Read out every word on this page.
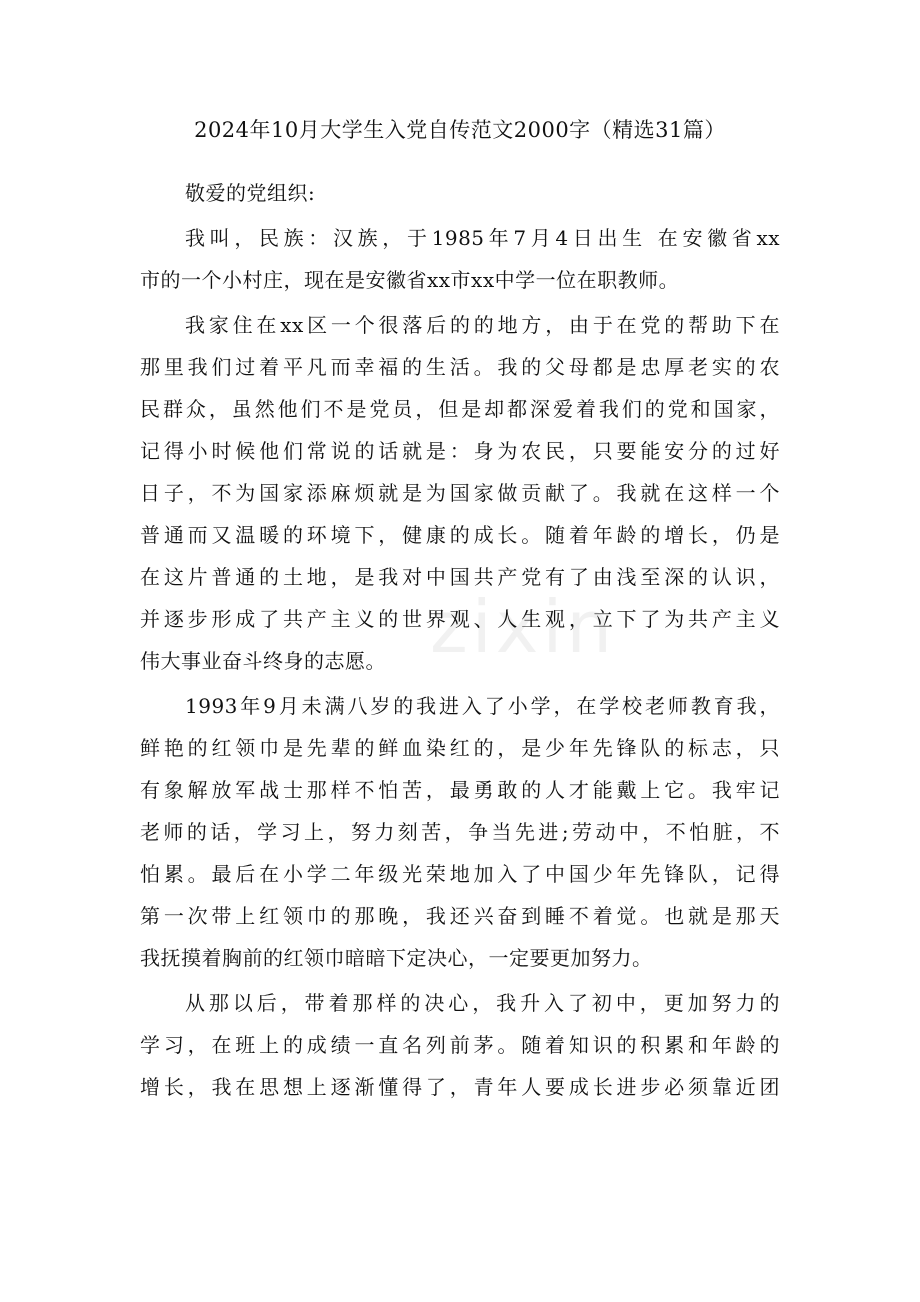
zixin
2024年10月大学生入党自传范文2000字（精选31篇）
敬爱的党组织:
我叫，民族：汉族，于1985年7月4日出生 在安徽省xx
市的一个小村庄，现在是安徽省xx市xx中学一位在职教师。
我家住在xx区一个很落后的的地方，由于在党的帮助下在
那里我们过着平凡而幸福的生活。我的父母都是忠厚老实的农
民群众，虽然他们不是党员，但是却都深爱着我们的党和国家，
记得小时候他们常说的话就是：身为农民，只要能安分的过好
日子，不为国家添麻烦就是为国家做贡献了。我就在这样一个
普通而又温暖的环境下，健康的成长。随着年龄的增长，仍是
在这片普通的土地，是我对中国共产党有了由浅至深的认识，
并逐步形成了共产主义的世界观、人生观，立下了为共产主义
伟大事业奋斗终身的志愿。
1993年9月未满八岁的我进入了小学，在学校老师教育我，
鲜艳的红领巾是先辈的鲜血染红的，是少年先锋队的标志，只
有象解放军战士那样不怕苦，最勇敢的人才能戴上它。我牢记
老师的话，学习上，努力刻苦，争当先进;劳动中，不怕脏，不
怕累。最后在小学二年级光荣地加入了中国少年先锋队，记得
第一次带上红领巾的那晚，我还兴奋到睡不着觉。也就是那天
我抚摸着胸前的红领巾暗暗下定决心，一定要更加努力。
从那以后，带着那样的决心，我升入了初中，更加努力的
学习，在班上的成绩一直名列前茅。随着知识的积累和年龄的
增长，我在思想上逐渐懂得了，青年人要成长进步必须靠近团
